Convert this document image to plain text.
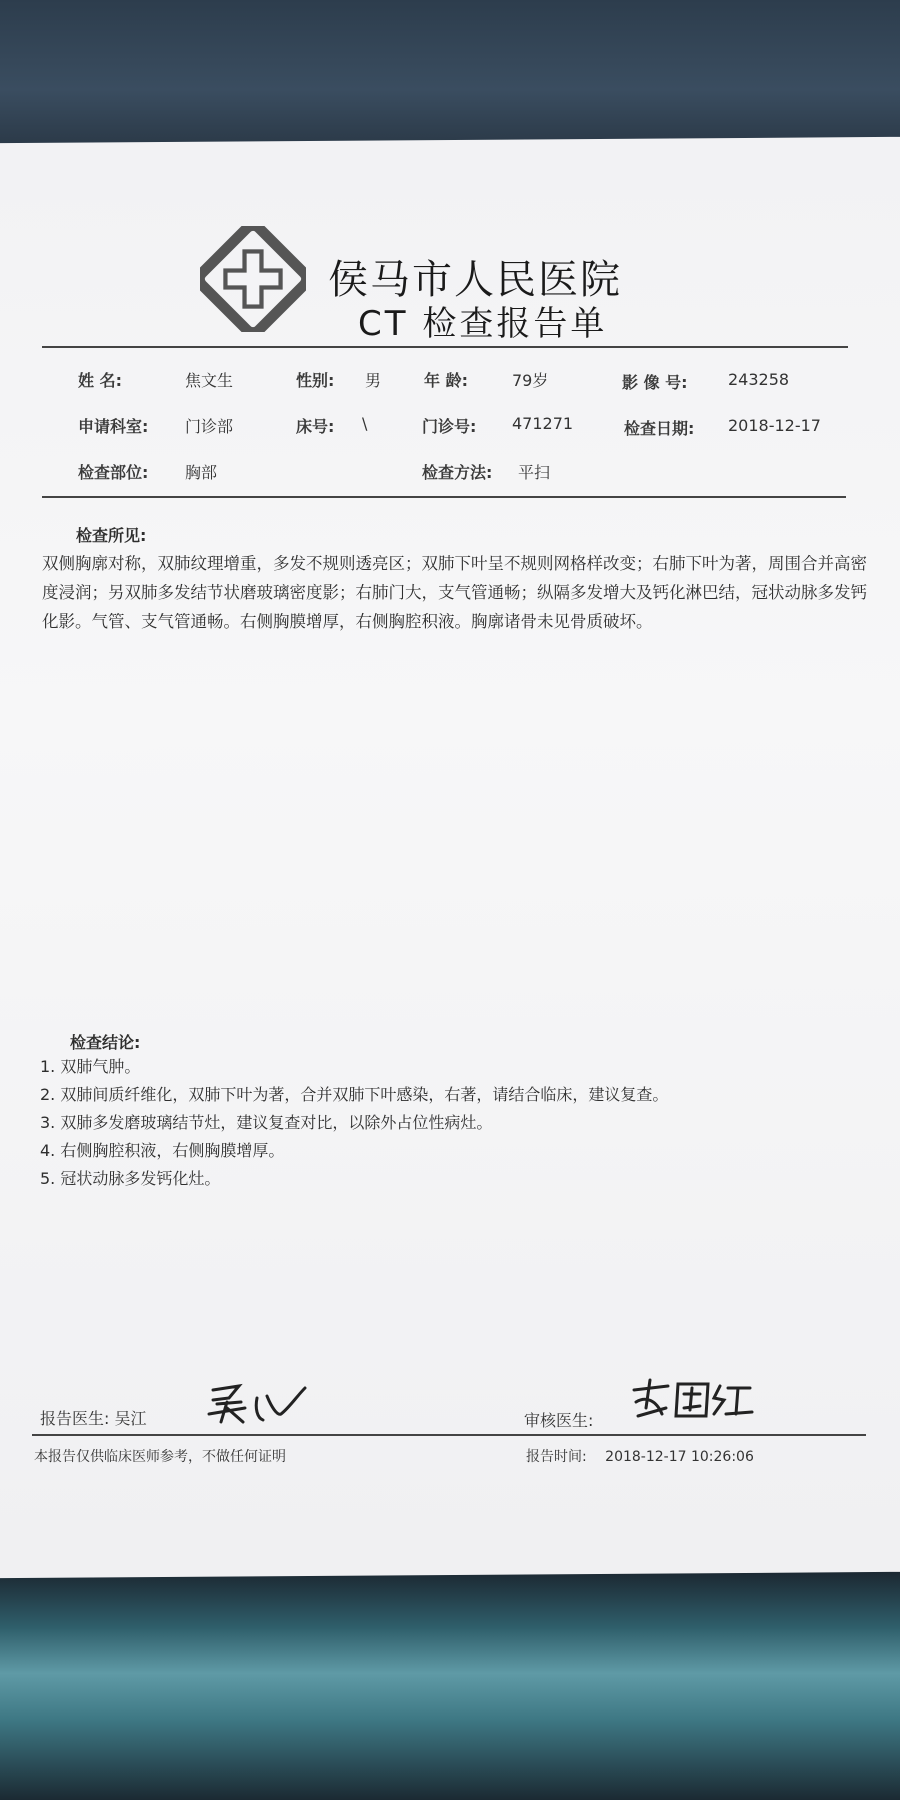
侯马市人民医院
CT 检查报告单
姓 名:	焦文生	性别: 男	年 龄:	79岁	影 像 号:	243258
申请科室: 门诊部	床号: \	门诊号: 471271	检查日期: 2018-12-17
检查部位: 胸部	检查方法: 平扫
检查所见:
双侧胸廓对称，双肺纹理增重，多发不规则透亮区；双肺下叶呈不规则网格样改变；右肺下叶为著，周围合并高密度浸润；另双肺多发结节状磨玻璃密度影；右肺门大，支气管通畅；纵隔多发增大及钙化淋巴结，冠状动脉多发钙化影。气管、支气管通畅。右侧胸膜增厚，右侧胸腔积液。胸廓诸骨未见骨质破坏。
检查结论:
1. 双肺气肿。
2. 双肺间质纤维化，双肺下叶为著，合并双肺下叶感染，右著，请结合临床，建议复查。
3. 双肺多发磨玻璃结节灶，建议复查对比，以除外占位性病灶。
4. 右侧胸腔积液，右侧胸膜增厚。
5. 冠状动脉多发钙化灶。
报告医生: 吴江	审核医生:
本报告仅供临床医师参考，不做任何证明	报告时间: 2018-12-17 10:26:06
